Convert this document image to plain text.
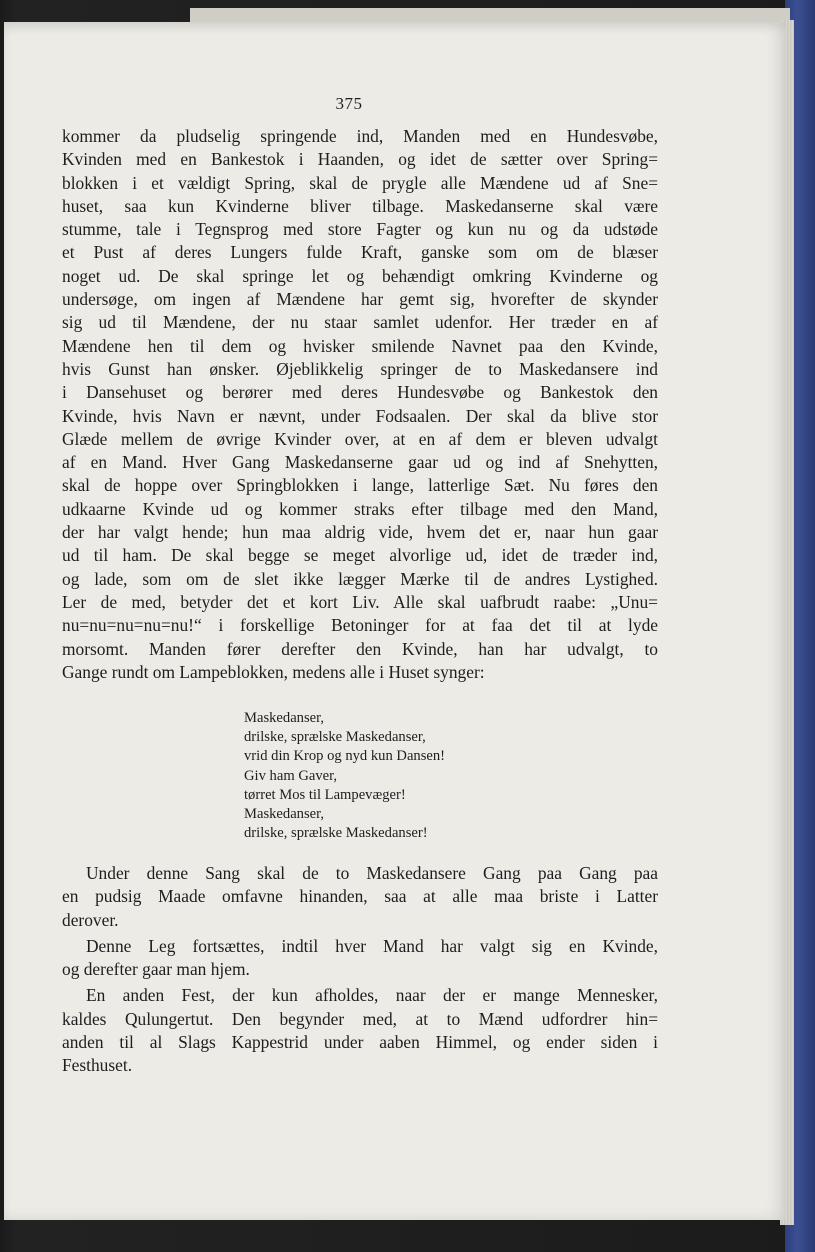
375
kommer da pludselig springende ind, Manden med en Hundesvøbe,
Kvinden med en Bankestok i Haanden, og idet de sætter over Spring=
blokken i et vældigt Spring, skal de prygle alle Mændene ud af Sne=
huset, saa kun Kvinderne bliver tilbage. Maskedanserne skal være
stumme, tale i Tegnsprog med store Fagter og kun nu og da udstøde
et Pust af deres Lungers fulde Kraft, ganske som om de blæser
noget ud. De skal springe let og behændigt omkring Kvinderne og
undersøge, om ingen af Mændene har gemt sig, hvorefter de skynder
sig ud til Mændene, der nu staar samlet udenfor. Her træder en af
Mændene hen til dem og hvisker smilende Navnet paa den Kvinde,
hvis Gunst han ønsker. Øjeblikkelig springer de to Maskedansere ind
i Dansehuset og berører med deres Hundesvøbe og Bankestok den
Kvinde, hvis Navn er nævnt, under Fodsaalen. Der skal da blive stor
Glæde mellem de øvrige Kvinder over, at en af dem er bleven udvalgt
af en Mand. Hver Gang Maskedanserne gaar ud og ind af Snehytten,
skal de hoppe over Springblokken i lange, latterlige Sæt. Nu føres den
udkaarne Kvinde ud og kommer straks efter tilbage med den Mand,
der har valgt hende; hun maa aldrig vide, hvem det er, naar hun gaar
ud til ham. De skal begge se meget alvorlige ud, idet de træder ind,
og lade, som om de slet ikke lægger Mærke til de andres Lystighed.
Ler de med, betyder det et kort Liv. Alle skal uafbrudt raabe: „Unu=
nu=nu=nu=nu=nu!“ i forskellige Betoninger for at faa det til at lyde
morsomt. Manden fører derefter den Kvinde, han har udvalgt, to
Gange rundt om Lampeblokken, medens alle i Huset synger:
Maskedanser,
drilske, sprælske Maskedanser,
vrid din Krop og nyd kun Dansen!
Giv ham Gaver,
tørret Mos til Lampevæger!
Maskedanser,
drilske, sprælske Maskedanser!
Under denne Sang skal de to Maskedansere Gang paa Gang paa
en pudsig Maade omfavne hinanden, saa at alle maa briste i Latter
derover.
Denne Leg fortsættes, indtil hver Mand har valgt sig en Kvinde,
og derefter gaar man hjem.
En anden Fest, der kun afholdes, naar der er mange Mennesker,
kaldes Qulungertut. Den begynder med, at to Mænd udfordrer hin=
anden til al Slags Kappestrid under aaben Himmel, og ender siden i
Festhuset.
